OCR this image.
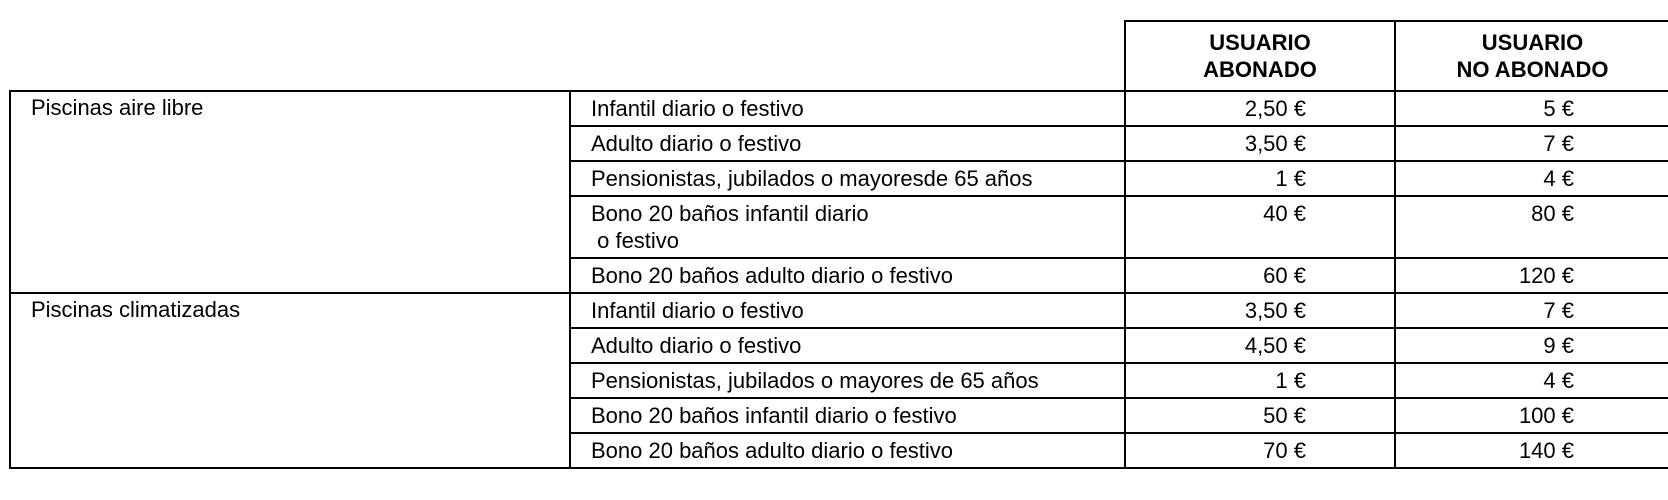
		USUARIO
ABONADO	USUARIO
NO ABONADO

Piscinas aire libre	Infantil diario o festivo	2,50 €	5 €

	Adulto diario o festivo	3,50 €	7 €

	Pensionistas, jubilados o mayoresde 65 años	1 €	4 €

	Bono 20 baños infantil diario
o festivo	40 €	80 €

	Bono 20 baños adulto diario o festivo	60 €	120 €
Piscinas climatizadas	Infantil diario o festivo	3,50 €	7 €

	Adulto diario o festivo	4,50 €	9 €

	Pensionistas, jubilados o mayores de 65 años	1 €	4 €

	Bono 20 baños infantil diario o festivo	50 €	100 €

	Bono 20 baños adulto diario o festivo	70 €	140 €
